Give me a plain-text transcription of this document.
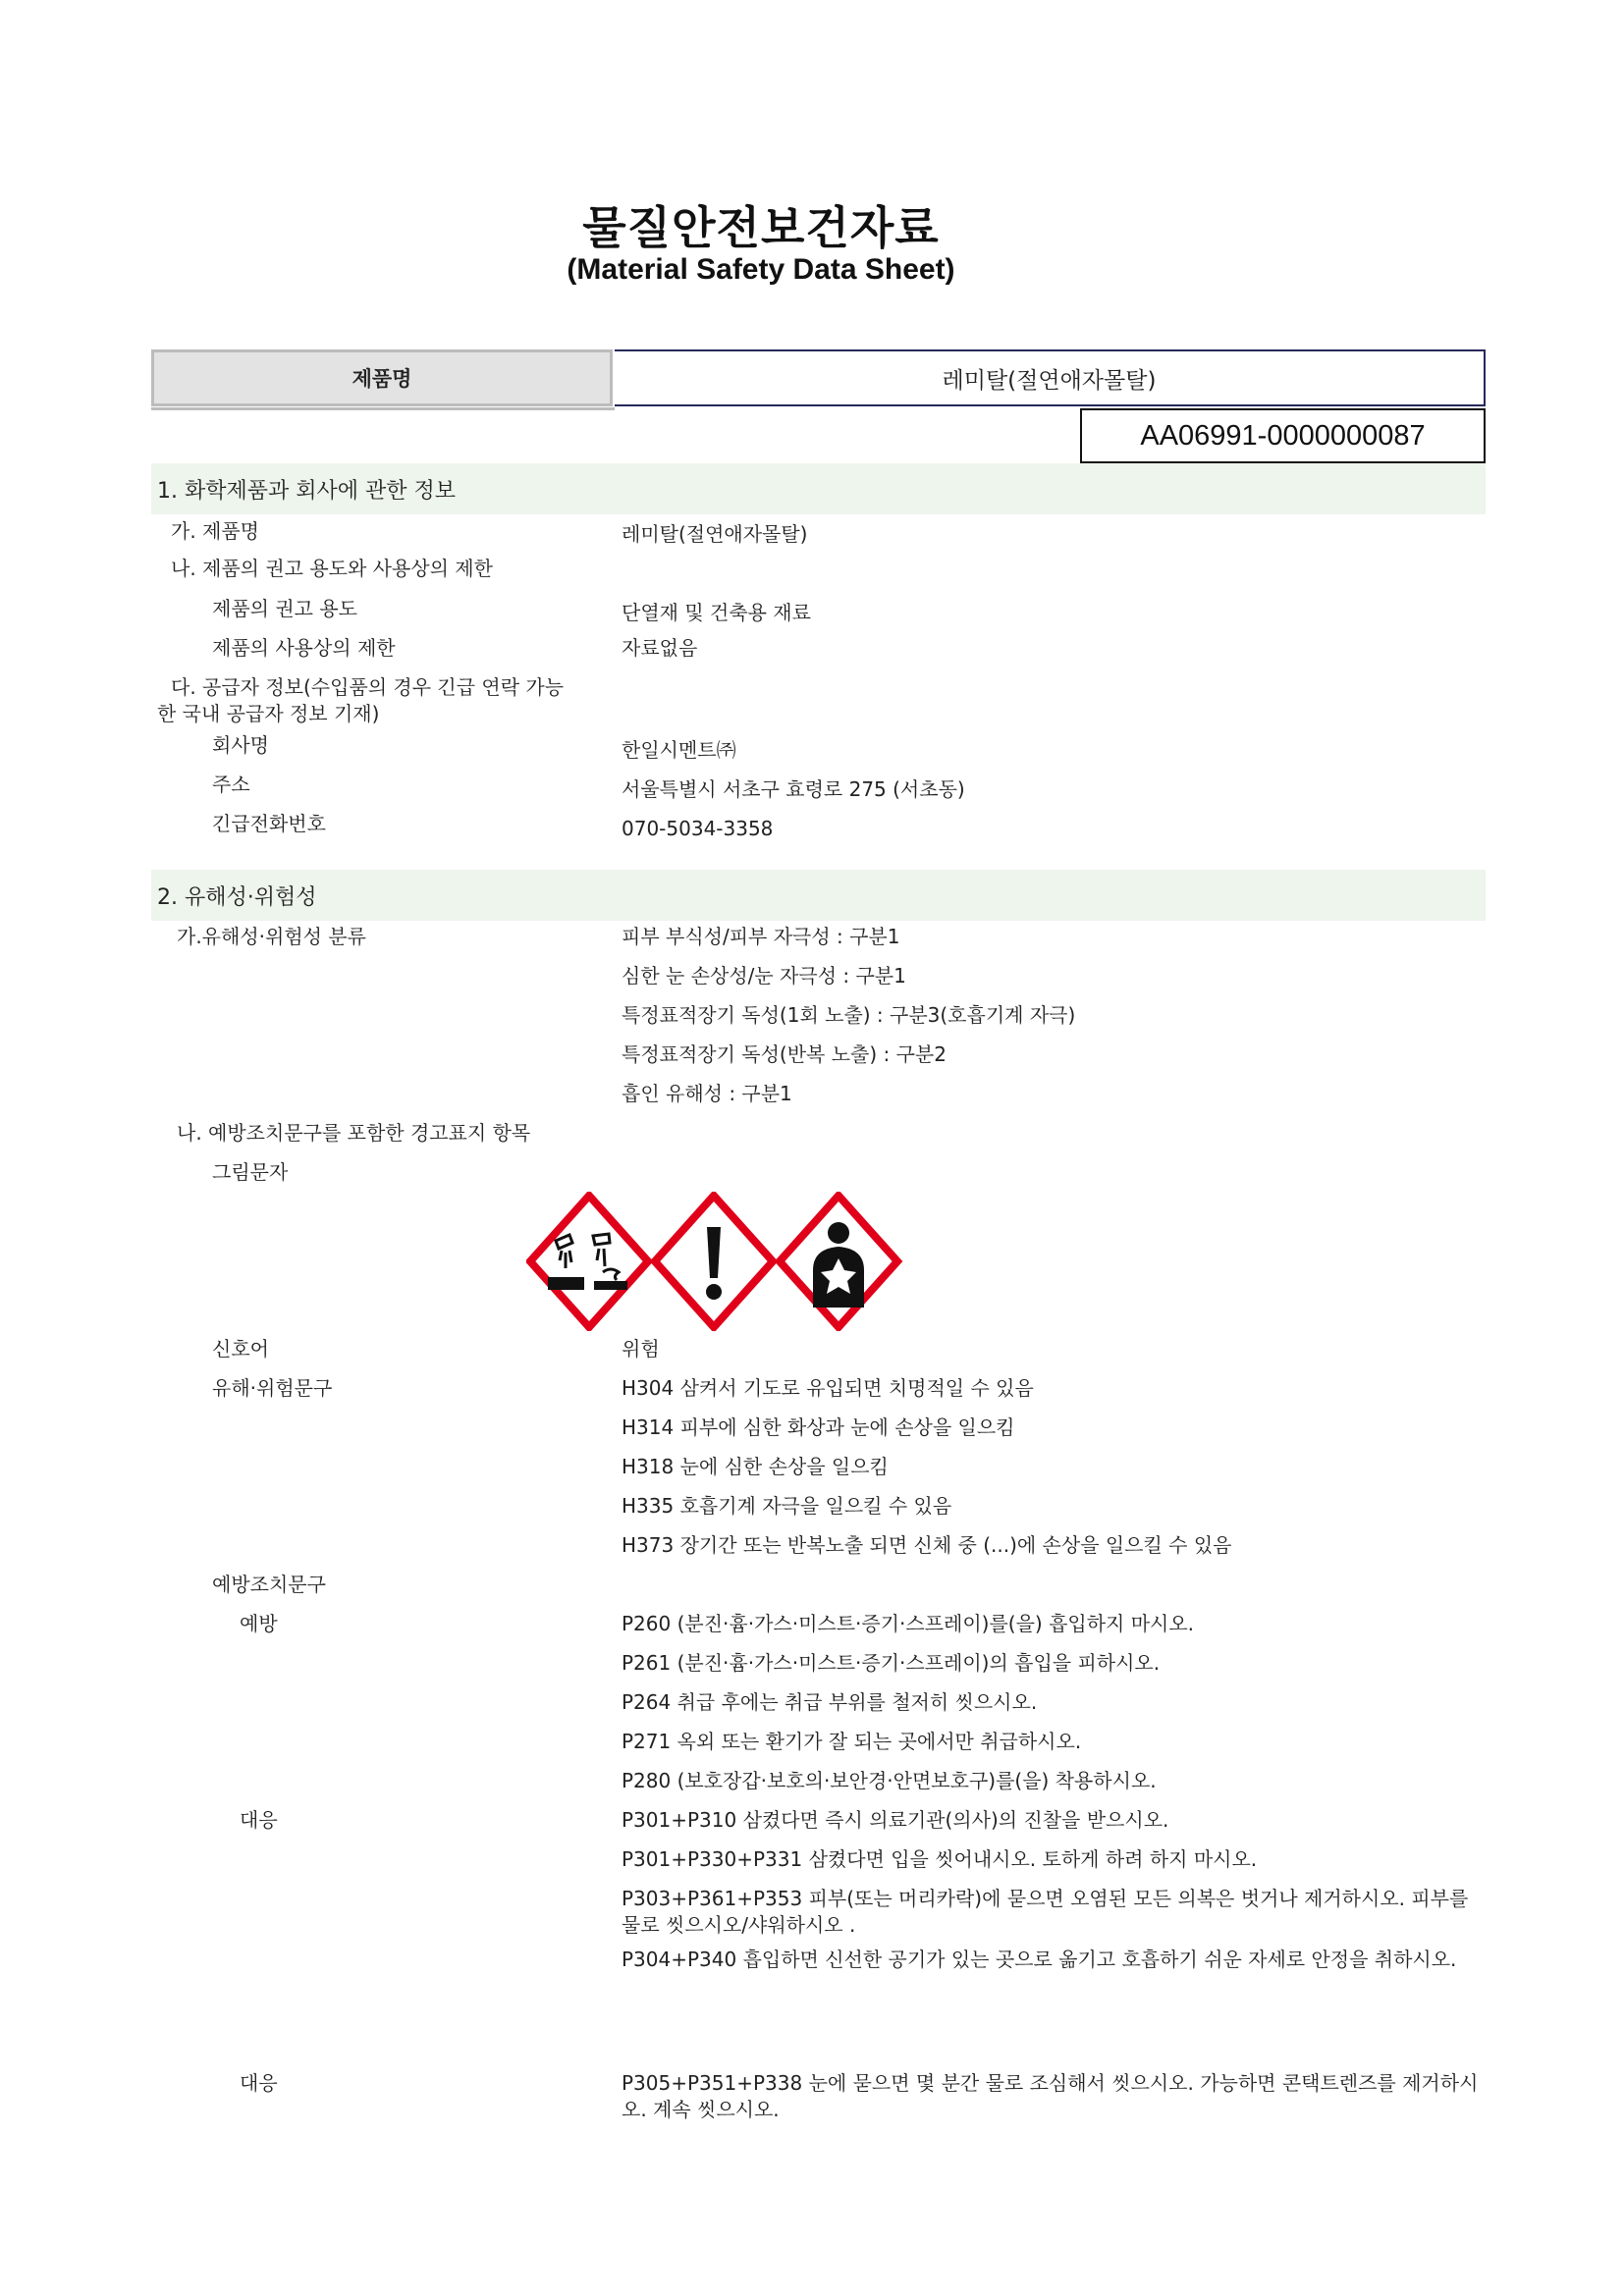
물질안전보건자료
(Material Safety Data Sheet)
제품명	레미탈(절연애자몰탈)
AA06991-0000000087
1. 화학제품과 회사에 관한 정보
가. 제품명	레미탈(절연애자몰탈)
나. 제품의 권고 용도와 사용상의 제한
제품의 권고 용도	단열재 및 건축용 재료
제품의 사용상의 제한	자료없음
다. 공급자 정보(수입품의 경우 긴급 연락 가능
한 국내 공급자 정보 기재)
회사명	한일시멘트㈜
주소	서울특별시 서초구 효령로 275 (서초동)
긴급전화번호	070-5034-3358
2. 유해성·위험성
가.유해성·위험성 분류	피부 부식성/피부 자극성 : 구분1
심한 눈 손상성/눈 자극성 : 구분1
특정표적장기 독성(1회 노출) : 구분3(호흡기계 자극)
특정표적장기 독성(반복 노출) : 구분2
흡인 유해성 : 구분1
나. 예방조치문구를 포함한 경고표지 항목
그림문자
신호어	위험
유해·위험문구	H304 삼켜서 기도로 유입되면 치명적일 수 있음
H314 피부에 심한 화상과 눈에 손상을 일으킴
H318 눈에 심한 손상을 일으킴
H335 호흡기계 자극을 일으킬 수 있음
H373 장기간 또는 반복노출 되면 신체 중 (...)에 손상을 일으킬 수 있음
예방조치문구
예방	P260 (분진·흄·가스·미스트·증기·스프레이)를(을) 흡입하지 마시오.
P261 (분진·흄·가스·미스트·증기·스프레이)의 흡입을 피하시오.
P264 취급 후에는 취급 부위를 철저히 씻으시오.
P271 옥외 또는 환기가 잘 되는 곳에서만 취급하시오.
P280 (보호장갑·보호의·보안경·안면보호구)를(을) 착용하시오.
대응	P301+P310 삼켰다면 즉시 의료기관(의사)의 진찰을 받으시오.
P301+P330+P331 삼켰다면 입을 씻어내시오. 토하게 하려 하지 마시오.
P303+P361+P353 피부(또는 머리카락)에 묻으면 오염된 모든 의복은 벗거나 제거하시오. 피부를 물로 씻으시오/샤워하시오 .
P304+P340 흡입하면 신선한 공기가 있는 곳으로 옮기고 호흡하기 쉬운 자세로 안정을 취하시오.
대응	P305+P351+P338 눈에 묻으면 몇 분간 물로 조심해서 씻으시오. 가능하면 콘택트렌즈를 제거하시오. 계속 씻으시오.
